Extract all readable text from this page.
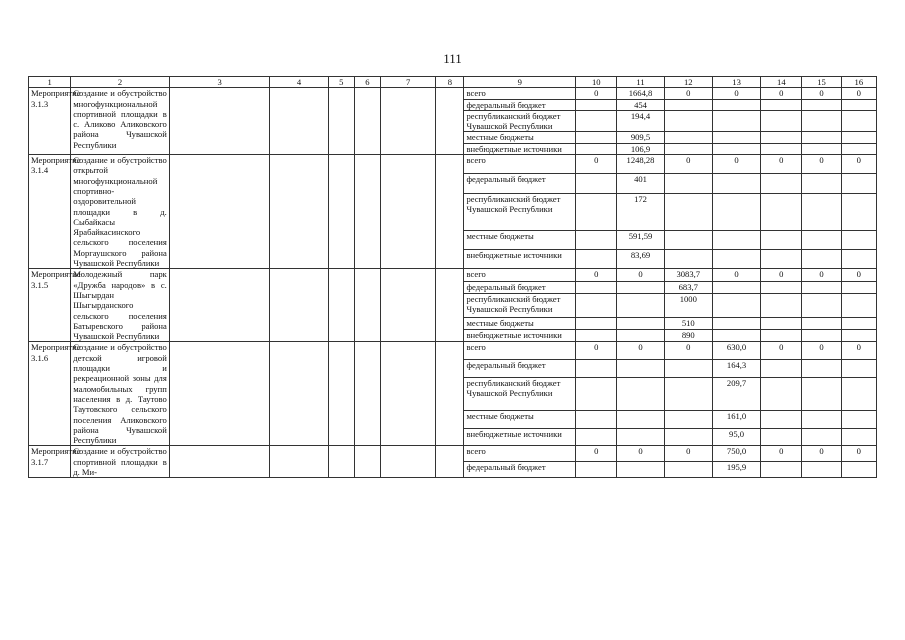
111
1	2	3	4	5	6	7	8	9	10	11	12	13	14	15	16
Мероприятие 3.1.3	Создание и обустройство многофункциональной спортивной площадки в с. Аликово Аликовского района Чувашской Республики							всего	0	1664,8	0	0	0	0	0
								федеральный бюджет		454					
								республиканский бюджет Чувашской Республики		194,4					
								местные бюджеты		909,5					
								внебюджетные источники		106,9					
Мероприятие 3.1.4	Создание и обустройство открытой многофункциональной спортивно-оздоровительной площадки в д. Сыбайкасы Ярабайкасинского сельского поселения Моргаушского района Чувашской Республики							всего	0	1248,28	0	0	0	0	0
								федеральный бюджет		401					
								республиканский бюджет Чувашской Республики		172					
								местные бюджеты		591,59					
								внебюджетные источники		83,69					
Мероприятие 3.1.5	Молодежный парк «Дружба народов» в с. Шыгырдан Шыгырданского сельского поселения Батыревского района Чувашской Республики							всего	0	0	3083,7	0	0	0	0
								федеральный бюджет			683,7				
								республиканский бюджет Чувашской Республики			1000				
								местные бюджеты			510				
								внебюджетные источники			890				
Мероприятие 3.1.6	Создание и обустройство детской игровой площадки и рекреационной зоны для маломобильных групп населения в д. Таутово Таутовского сельского поселения Аликовского района Чувашской Республики							всего	0	0	0	630,0	0	0	0
								федеральный бюджет				164,3			
								республиканский бюджет Чувашской Республики				209,7			
								местные бюджеты				161,0			
								внебюджетные источники				95,0			
Мероприятие 3.1.7	Создание и обустройство спортивной площадки в д. Ми-							всего	0	0	0	750,0	0	0	0
								федеральный бюджет				195,9			
